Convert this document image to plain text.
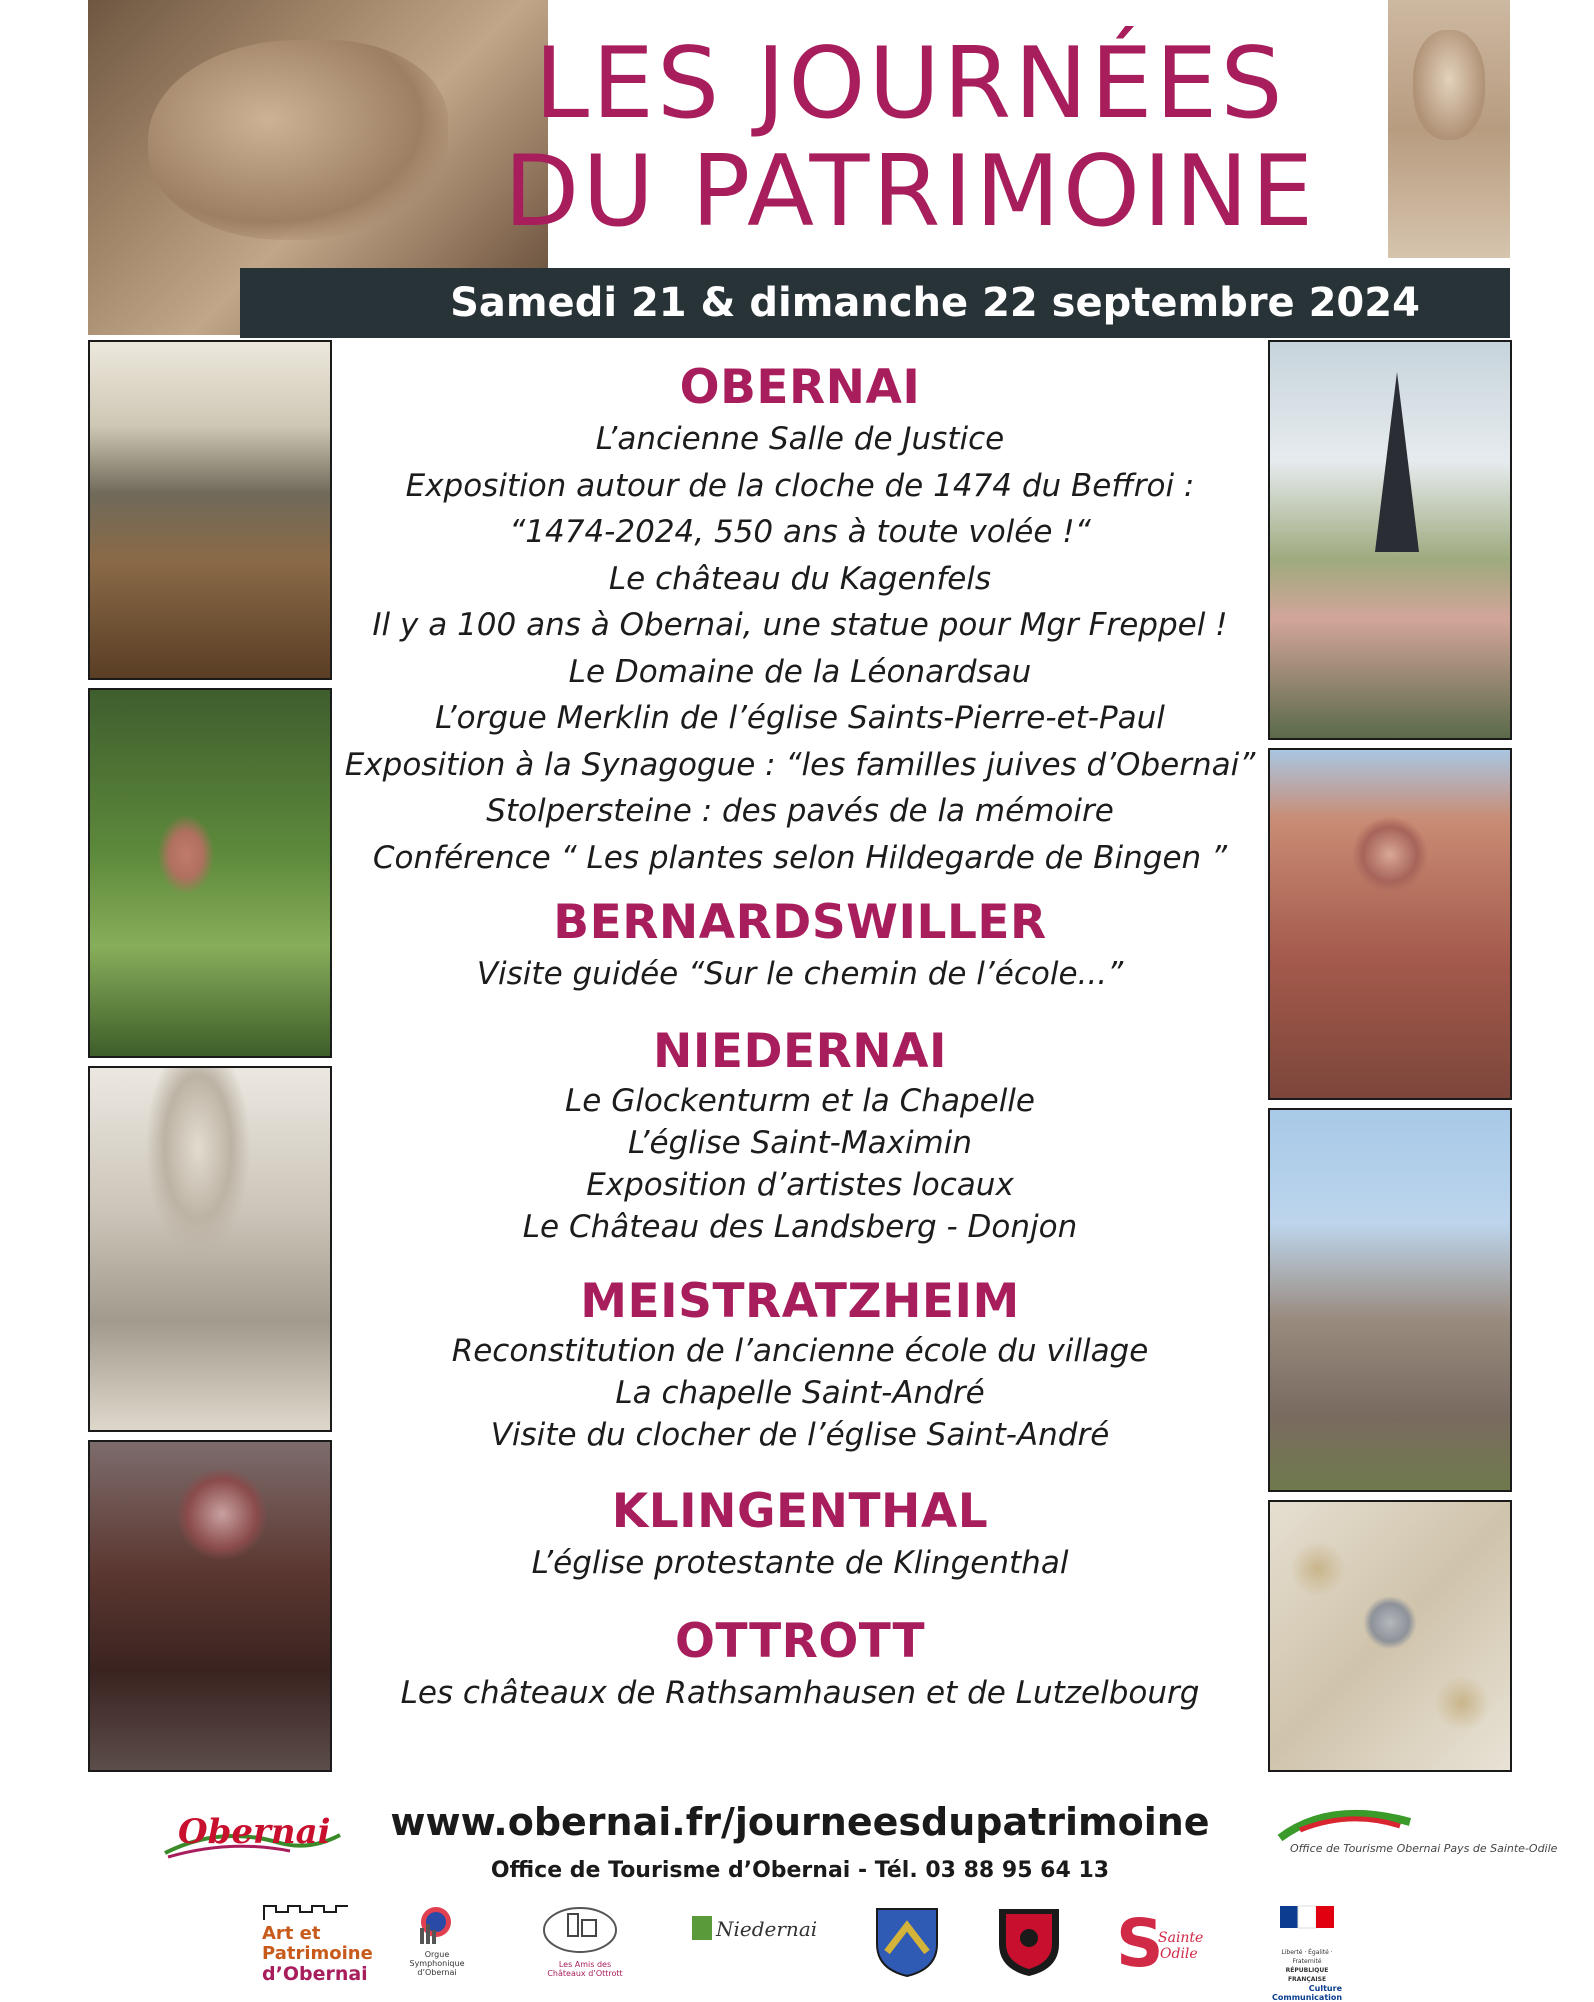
LES JOURNÉES
DU PATRIMOINE
Samedi 21 & dimanche 22 septembre 2024
OBERNAI
L’ancienne Salle de Justice
Exposition autour de la cloche de 1474 du Beffroi :
“1474-2024, 550 ans à toute volée !“
Le château du Kagenfels
Il y a 100 ans à Obernai, une statue pour Mgr Freppel !
Le Domaine de la Léonardsau
L’orgue Merklin de l’église Saints-Pierre-et-Paul
Exposition à la Synagogue : “les familles juives d’Obernai”
Stolpersteine : des pavés de la mémoire
Conférence “ Les plantes selon Hildegarde de Bingen ”
BERNARDSWILLER
Visite guidée “Sur le chemin de l’école...”
NIEDERNAI
Le Glockenturm et la Chapelle
L’église Saint-Maximin
Exposition d’artistes locaux
Le Château des Landsberg - Donjon
MEISTRATZHEIM
Reconstitution de l’ancienne école du village
La chapelle Saint-André
Visite du clocher de l’église Saint-André
KLINGENTHAL
L’église protestante de Klingenthal
OTTROTT
Les châteaux de Rathsamhausen et de Lutzelbourg
Obernai	www.obernai.fr/journeesdupatrimoine
Office de Tourisme d’Obernai - Tél. 03 88 95 64 13
Office de Tourisme Obernai Pays de Sainte-Odile
Art et
Patrimoine
d’Obernai
Orgue Symphonique d’Obernai
Les Amis des Châteaux d’Ottrott
Niedernai	S
Sainte
Odile	Liberté · Égalité · Fraternité
RÉPUBLIQUE FRANÇAISE
Culture Communication
